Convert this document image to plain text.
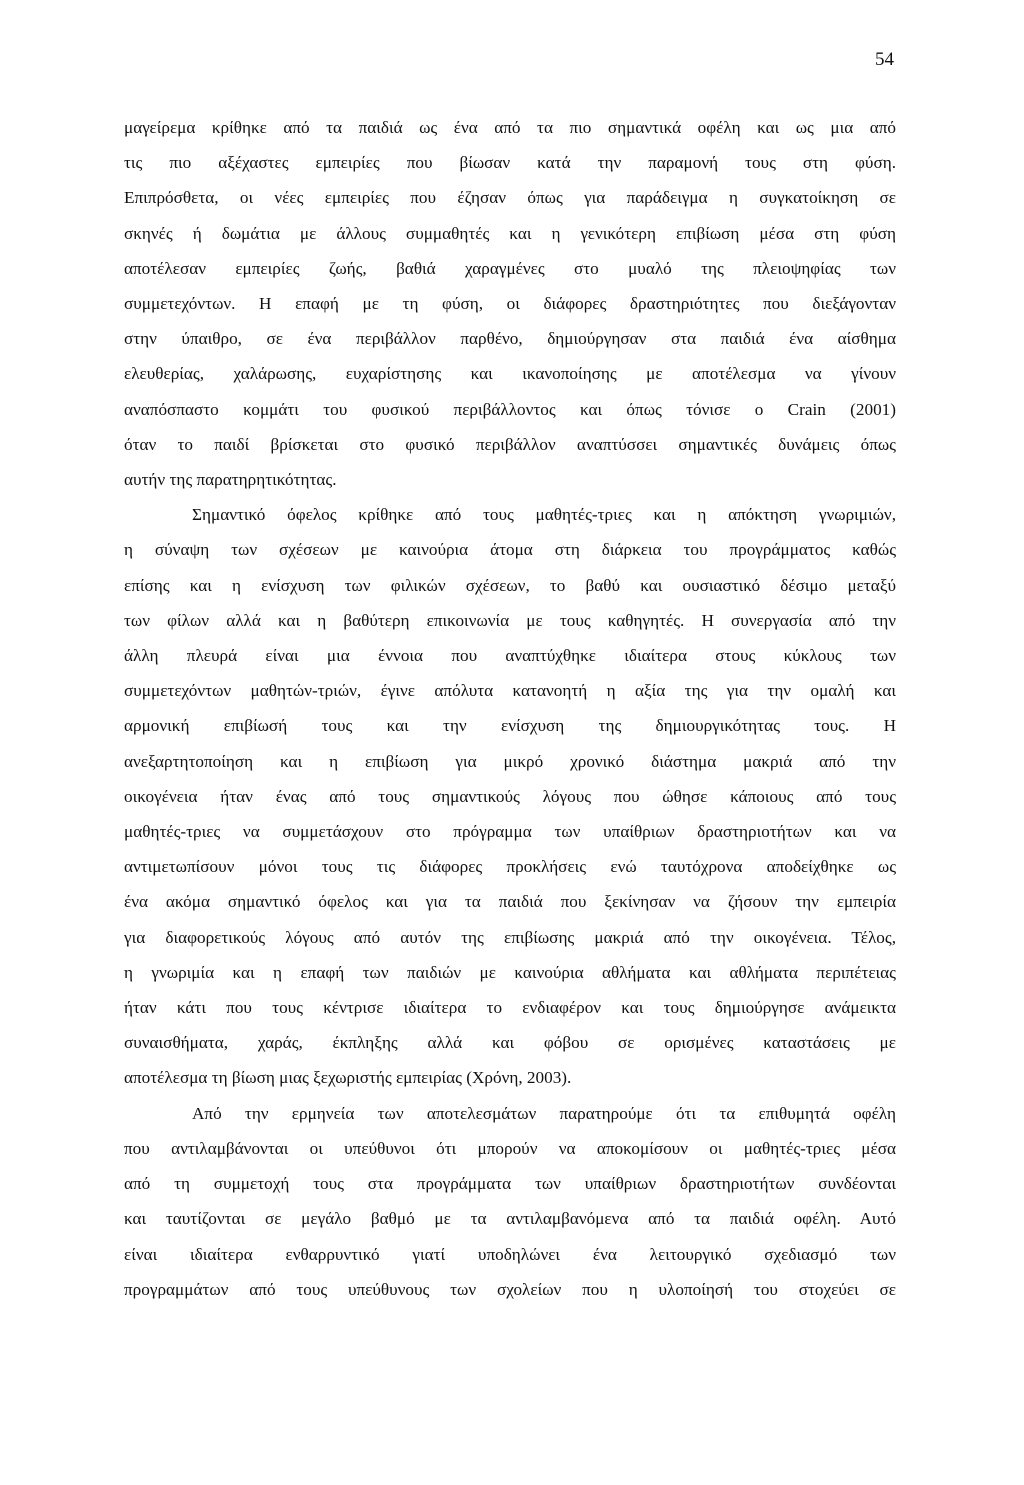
54
μαγείρεμα κρίθηκε από τα παιδιά ως ένα από τα πιο σημαντικά οφέλη και ως μια από
τις πιο αξέχαστες εμπειρίες που βίωσαν κατά την παραμονή τους στη φύση.
Επιπρόσθετα, οι νέες εμπειρίες που έζησαν όπως για παράδειγμα η συγκατοίκηση σε
σκηνές ή δωμάτια με άλλους συμμαθητές και η γενικότερη επιβίωση μέσα στη φύση
αποτέλεσαν εμπειρίες ζωής, βαθιά χαραγμένες στο μυαλό της πλειοψηφίας των
συμμετεχόντων. Η επαφή με τη φύση, οι διάφορες δραστηριότητες που διεξάγονταν
στην ύπαιθρο, σε ένα περιβάλλον παρθένο, δημιούργησαν στα παιδιά ένα αίσθημα
ελευθερίας, χαλάρωσης, ευχαρίστησης και ικανοποίησης με αποτέλεσμα να γίνουν
αναπόσπαστο κομμάτι του φυσικού περιβάλλοντος και όπως τόνισε ο Crain (2001)
όταν το παιδί βρίσκεται στο φυσικό περιβάλλον αναπτύσσει σημαντικές δυνάμεις όπως
αυτήν της παρατηρητικότητας.
Σημαντικό όφελος κρίθηκε από τους μαθητές-τριες και η απόκτηση γνωριμιών,
η σύναψη των σχέσεων με καινούρια άτομα στη διάρκεια του προγράμματος καθώς
επίσης και η ενίσχυση των φιλικών σχέσεων, το βαθύ και ουσιαστικό δέσιμο μεταξύ
των φίλων αλλά και η βαθύτερη επικοινωνία με τους καθηγητές. Η συνεργασία από την
άλλη πλευρά είναι μια έννοια που αναπτύχθηκε ιδιαίτερα στους κύκλους των
συμμετεχόντων μαθητών-τριών, έγινε απόλυτα κατανοητή η αξία της για την ομαλή και
αρμονική επιβίωσή τους και την ενίσχυση της δημιουργικότητας τους. Η
ανεξαρτητοποίηση και η επιβίωση για μικρό χρονικό διάστημα μακριά από την
οικογένεια ήταν ένας από τους σημαντικούς λόγους που ώθησε κάποιους από τους
μαθητές-τριες να συμμετάσχουν στο πρόγραμμα των υπαίθριων δραστηριοτήτων και να
αντιμετωπίσουν μόνοι τους τις διάφορες προκλήσεις ενώ ταυτόχρονα αποδείχθηκε ως
ένα ακόμα σημαντικό όφελος και για τα παιδιά που ξεκίνησαν να ζήσουν την εμπειρία
για διαφορετικούς λόγους από αυτόν της επιβίωσης μακριά από την οικογένεια. Τέλος,
η γνωριμία και η επαφή των παιδιών με καινούρια αθλήματα και αθλήματα περιπέτειας
ήταν κάτι που τους κέντρισε ιδιαίτερα το ενδιαφέρον και τους δημιούργησε ανάμεικτα
συναισθήματα, χαράς, έκπληξης αλλά και φόβου σε ορισμένες καταστάσεις με
αποτέλεσμα τη βίωση μιας ξεχωριστής εμπειρίας (Χρόνη, 2003).
Από την ερμηνεία των αποτελεσμάτων παρατηρούμε ότι τα επιθυμητά οφέλη
που αντιλαμβάνονται οι υπεύθυνοι ότι μπορούν να αποκομίσουν οι μαθητές-τριες μέσα
από τη συμμετοχή τους στα προγράμματα των υπαίθριων δραστηριοτήτων συνδέονται
και ταυτίζονται σε μεγάλο βαθμό με τα αντιλαμβανόμενα από τα παιδιά οφέλη. Αυτό
είναι ιδιαίτερα ενθαρρυντικό γιατί υποδηλώνει ένα λειτουργικό σχεδιασμό των
προγραμμάτων από τους υπεύθυνους των σχολείων που η υλοποίησή του στοχεύει σε
